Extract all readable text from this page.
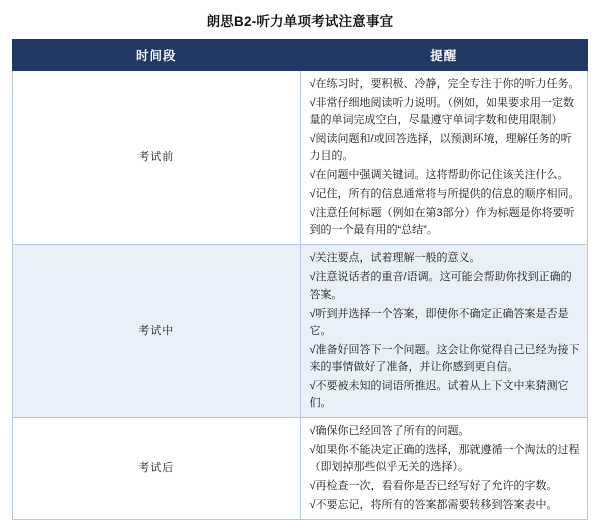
朗思B2-听力单项考试注意事宜
时间段	提醒
考试前	
√在练习时，要积极、冷静，完全专注于你的听力任务。
√非常仔细地阅读听力说明。（例如，如果要求用一定数量的单词完成空白，尽量遵守单词字数和使用限制）
√阅读问题和/或回答选择，以预测环境，理解任务的听力目的。
√在问题中强调关键词。这将帮助你记住该关注什么。
√记住，所有的信息通常将与所提供的信息的顺序相同。
√注意任何标题（例如在第3部分）作为标题是你将要听到的一个最有用的“总结”。

考试中	
√关注要点，试着理解一般的意义。
√注意说话者的重音/语调。这可能会帮助你找到正确的答案。
√听到并选择一个答案，即使你不确定正确答案是否是它。
√准备好回答下一个问题。这会让你觉得自己已经为接下来的事情做好了准备，并让你感到更自信。
√不要被未知的词语所推迟。试着从上下文中来猜测它们。

考试后	
√确保你已经回答了所有的问题。
√如果你不能决定正确的选择，那就遵循一个淘汰的过程（即划掉那些似乎无关的选择）。
√再检查一次，看看你是否已经写好了允许的字数。
√不要忘记，将所有的答案都需要转移到答案表中。
